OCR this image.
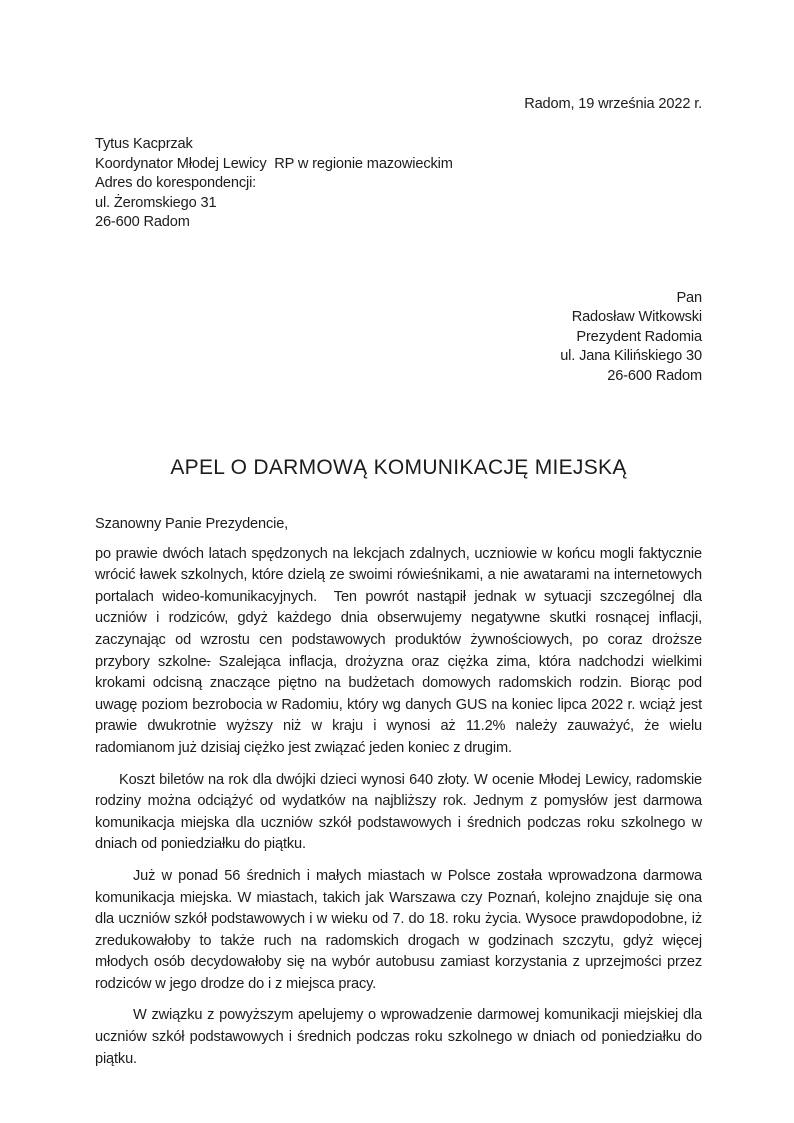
Radom, 19 września 2022 r.
Tytus Kacprzak
Koordynator Młodej Lewicy  RP w regionie mazowieckim
Adres do korespondencji:
ul. Żeromskiego 31
26-600 Radom
Pan
Radosław Witkowski
Prezydent Radomia
ul. Jana Kilińskiego 30
26-600 Radom
APEL O DARMOWĄ KOMUNIKACJĘ MIEJSKĄ
Szanowny Panie Prezydencie,

po prawie dwóch latach spędzonych na lekcjach zdalnych, uczniowie w końcu mogli faktycznie wrócić ławek szkolnych, które dzielą ze swoimi rówieśnikami, a nie awatarami na internetowych portalach wideo-komunikacyjnych.  Ten powrót nastąpił jednak w sytuacji szczególnej dla uczniów i rodziców, gdyż każdego dnia obserwujemy negatywne skutki rosnącej inflacji, zaczynając od wzrostu cen podstawowych produktów żywnościowych, po coraz droższe przybory szkolne. Szalejąca inflacja, drożyzna oraz ciężka zima, która nadchodzi wielkimi krokami odcisną znaczące piętno na budżetach domowych radomskich rodzin. Biorąc pod uwagę poziom bezrobocia w Radomiu, który wg danych GUS na koniec lipca 2022 r. wciąż jest prawie dwukrotnie wyższy niż w kraju i wynosi aż 11.2% należy zauważyć, że wielu radomianom już dzisiaj ciężko jest związać jeden koniec z drugim.

Koszt biletów na rok dla dwójki dzieci wynosi 640 złoty. W ocenie Młodej Lewicy, radomskie rodziny można odciążyć od wydatków na najbliższy rok. Jednym z pomysłów jest darmowa komunikacja miejska dla uczniów szkół podstawowych i średnich podczas roku szkolnego w dniach od poniedziałku do piątku.

Już w ponad 56 średnich i małych miastach w Polsce została wprowadzona darmowa komunikacja miejska. W miastach, takich jak Warszawa czy Poznań, kolejno znajduje się ona dla uczniów szkół podstawowych i w wieku od 7. do 18. roku życia. Wysoce prawdopodobne, iż zredukowałoby to także ruch na radomskich drogach w godzinach szczytu, gdyż więcej młodych osób decydowałoby się na wybór autobusu zamiast korzystania z uprzejmości przez rodziców w jego drodze do i z miejsca pracy.

W związku z powyższym apelujemy o wprowadzenie darmowej komunikacji miejskiej dla uczniów szkół podstawowych i średnich podczas roku szkolnego w dniach od poniedziałku do piątku.
